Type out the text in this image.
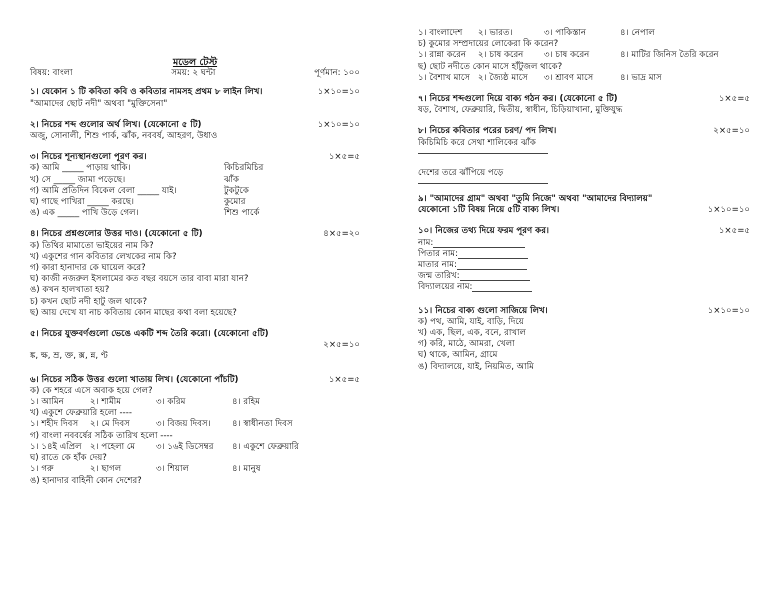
মডেল টেস্ট
বিষয়: বাংলা	সময়: ২ ঘন্টা	পূর্ণমান: ১০০
১। যেকোন ১ টি কবিতা কবি ও কবিতার নামসহ প্রথম ৮ লাইন লিখ।	১×১০=১০
"আমাদের ছোট নদী" অথবা "মুক্তিসেনা"
২। নিচের শব্দ গুলোর অর্থ লিখ। (যেকোনো ৫ টি)	১×১০=১০
অজু, সোনালী, শিশু পার্ক, ঝাঁক, নববর্ষ, আহরণ, উধাও
৩। নিচের শূন্যস্থানগুলো পূরণ কর।	১×৫=৫
ক) আমি _____ পাড়ায় থাকি।	কিচিরমিচির
খ) সে _____ জামা পড়েছে।	ঝাঁক
গ) আমি প্রতিদিন বিকেল বেলা _____ যাই।	টুকটুকে
ঘ) গাছে পাখিরা _____ করছে।	কুমোর
ঙ) এক _____ পাখি উড়ে গেল।	শিশু পার্কে
৪। নিচের প্রশ্নগুলোর উত্তর দাও। (যেকোনো ৫ টি)	৪×৫=২০
ক) তিথির মামাতো ভাইয়ের নাম কি?
খ) একুশের গান কবিতার লেখকের নাম কি?
গ) কারা হানাদার কে ঘায়েল করে?
ঘ) কাজী নজরুল ইসলামের কত বছর বয়সে তার বাবা মারা যান?
ঙ) কখন হালখাতা হয়?
চ) কখন ছোট নদী হাটু জল থাকে?
ছ) আয় দেখে যা নাচ কবিতায় কোন মাছের কথা বলা হয়েছে?
৫। নিচের যুক্তবর্ণগুলো ভেঙে একটি শব্দ তৈরি করো। (যেকোনো ৫টি)
২×৫=১০
ঙ্ক, ক্ষ, ম্র, ক্ত, ক্স, ন্ন, ণ্ট
৬। নিচের সঠিক উত্তর গুলো খাতায় লিখ। (যেকোনো পাঁচটি)	১×৫=৫
ক) কে শহরে এসে অবাক হয়ে গেল?
১। আমিন	২। শামীম	৩। করিম	৪। রহিম
খ) একুশে ফেব্রুয়ারি হলো ----
১। শহীদ দিবস	২। মে দিবস	৩। বিজয় দিবস।	৪। স্বাধীনতা দিবস
গ) বাংলা নববর্ষের সঠিক তারিখ হলো ----
১। ১৪ই এপ্রিল ২। পহেলা মে	৩। ১৬ই ডিসেম্বর	৪। একুশে ফেব্রুয়ারি
ঘ) রাতে কে হাঁক দেয়?
১। গরু	২। ছাগল	৩। শিয়াল	৪। মানুষ
ঙ) হানাদার বাহিনী কোন দেশের?
১। বাংলাদেশ	২। ভারত।	৩। পাকিস্তান	৪। নেপাল
চ) কুমোর সম্প্রদায়ের লোকেরা কি করেন?
১। রান্না করেন	২। চাষ করেন	৩। চাষ করেন	৪। মাটির জিনিস তৈরি করেন
ছ) ছোট নদীতে কোন মাসে হাঁটুজল থাকে?
১। বৈশাখ মাসে ২। জ্যৈষ্ঠ মাসে	৩। শ্রাবণ মাসে	৪। ভাদ্র মাস
৭। নিচের শব্দগুলো দিয়ে বাক্য গঠন কর। (যেকোনো ৫ টি)	১×৫=৫
ষড়, বৈশাখ, ফেব্রুয়ারি, দ্বিতীয়, স্বাধীন, চিড়িয়াখানা, মুক্তিযুদ্ধ
৮। নিচের কবিতার পরের চরণ/ পদ লিখ।	২×৫=১০
কিচিমিচি করে সেথা শালিকের ঝাঁক
দেশের তরে ঝাঁপিয়ে পড়ে
৯। "আমাদের গ্রাম" অথবা "তুমি নিজে" অথবা "আমাদের বিদ্যালয়"
যেকোনো ১টি বিষয় নিয়ে ৫টি বাক্য লিখ।	১×১০=১০
১০। নিজের তথ্য দিয়ে ফরম পূরণ কর।	১×৫=৫
নাম:
পিতার নাম:
মাতার নাম:
জন্ম তারিখ:
বিদ্যালয়ের নাম:
১১। নিচের বাক্য গুলো সাজিয়ে লিখ।	১×১০=১০
ক) পথ, আমি, যাই, বাড়ি, দিয়ে
খ) এক, ছিল, এক, বনে, রাখাল
গ) করি, মাঠে, আমরা, খেলা
ঘ) থাকে, আমিন, গ্রামে
ঙ) বিদ্যালয়ে, যাই, নিয়মিত, আমি
